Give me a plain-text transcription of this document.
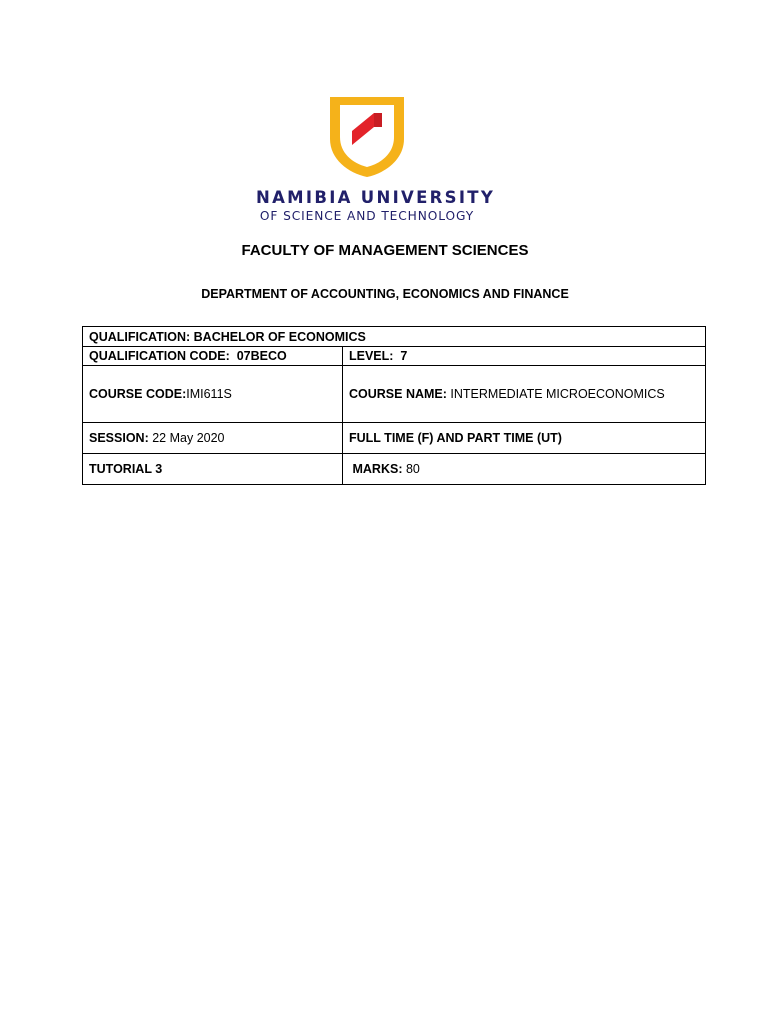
NAMIBIA UNIVERSITY
OF SCIENCE AND TECHNOLOGY
FACULTY OF MANAGEMENT SCIENCES
DEPARTMENT OF ACCOUNTING, ECONOMICS AND FINANCE
QUALIFICATION: BACHELOR OF ECONOMICS	
QUALIFICATION CODE: 07BECO	LEVEL: 7
COURSE CODE:IMI611S	COURSE NAME: INTERMEDIATE MICROECONOMICS
SESSION: 22 May 2020	FULL TIME (F) AND PART TIME (UT)
TUTORIAL 3	MARKS: 80
